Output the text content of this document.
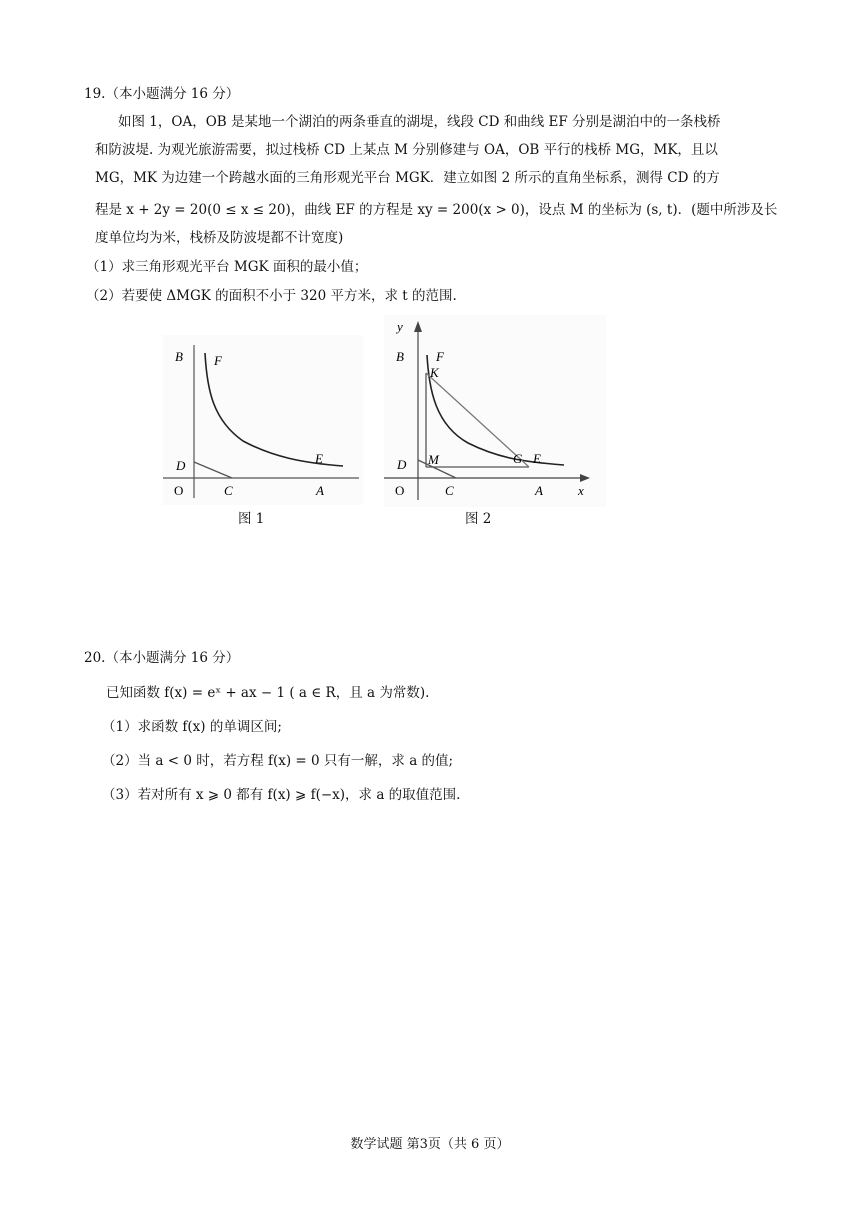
19.（本小题满分 16 分）
如图 1，OA，OB 是某地一个湖泊的两条垂直的湖堤，线段 CD 和曲线 EF 分别是湖泊中的一条栈桥
和防波堤. 为观光旅游需要，拟过栈桥 CD 上某点 M 分别修建与 OA，OB 平行的栈桥 MG，MK，且以
MG，MK 为边建一个跨越水面的三角形观光平台 MGK．建立如图 2 所示的直角坐标系，测得 CD 的方
程是 x + 2y = 20(0 ≤ x ≤ 20)，曲线 EF 的方程是 xy = 200(x > 0)，设点 M 的坐标为 (s, t)．(题中所涉及长
度单位均为米，栈桥及防波堤都不计宽度)
（1）求三角形观光平台 MGK 面积的最小值；
（2）若要使 ΔMGK 的面积不小于 320 平方米，求 t 的范围.
B F
D	E
O	C	A
图 1
y
B F
K
D M	G E
O	C	A	x
图 2
20.（本小题满分 16 分）
已知函数 f(x) = eˣ + ax − 1 ( a ∈ R，且 a 为常数).
（1）求函数 f(x) 的单调区间;
（2）当 a < 0 时，若方程 f(x) = 0 只有一解，求 a 的值;
（3）若对所有 x ⩾ 0 都有 f(x) ⩾ f(−x)，求 a 的取值范围.
数学试题 第3页（共 6 页）
